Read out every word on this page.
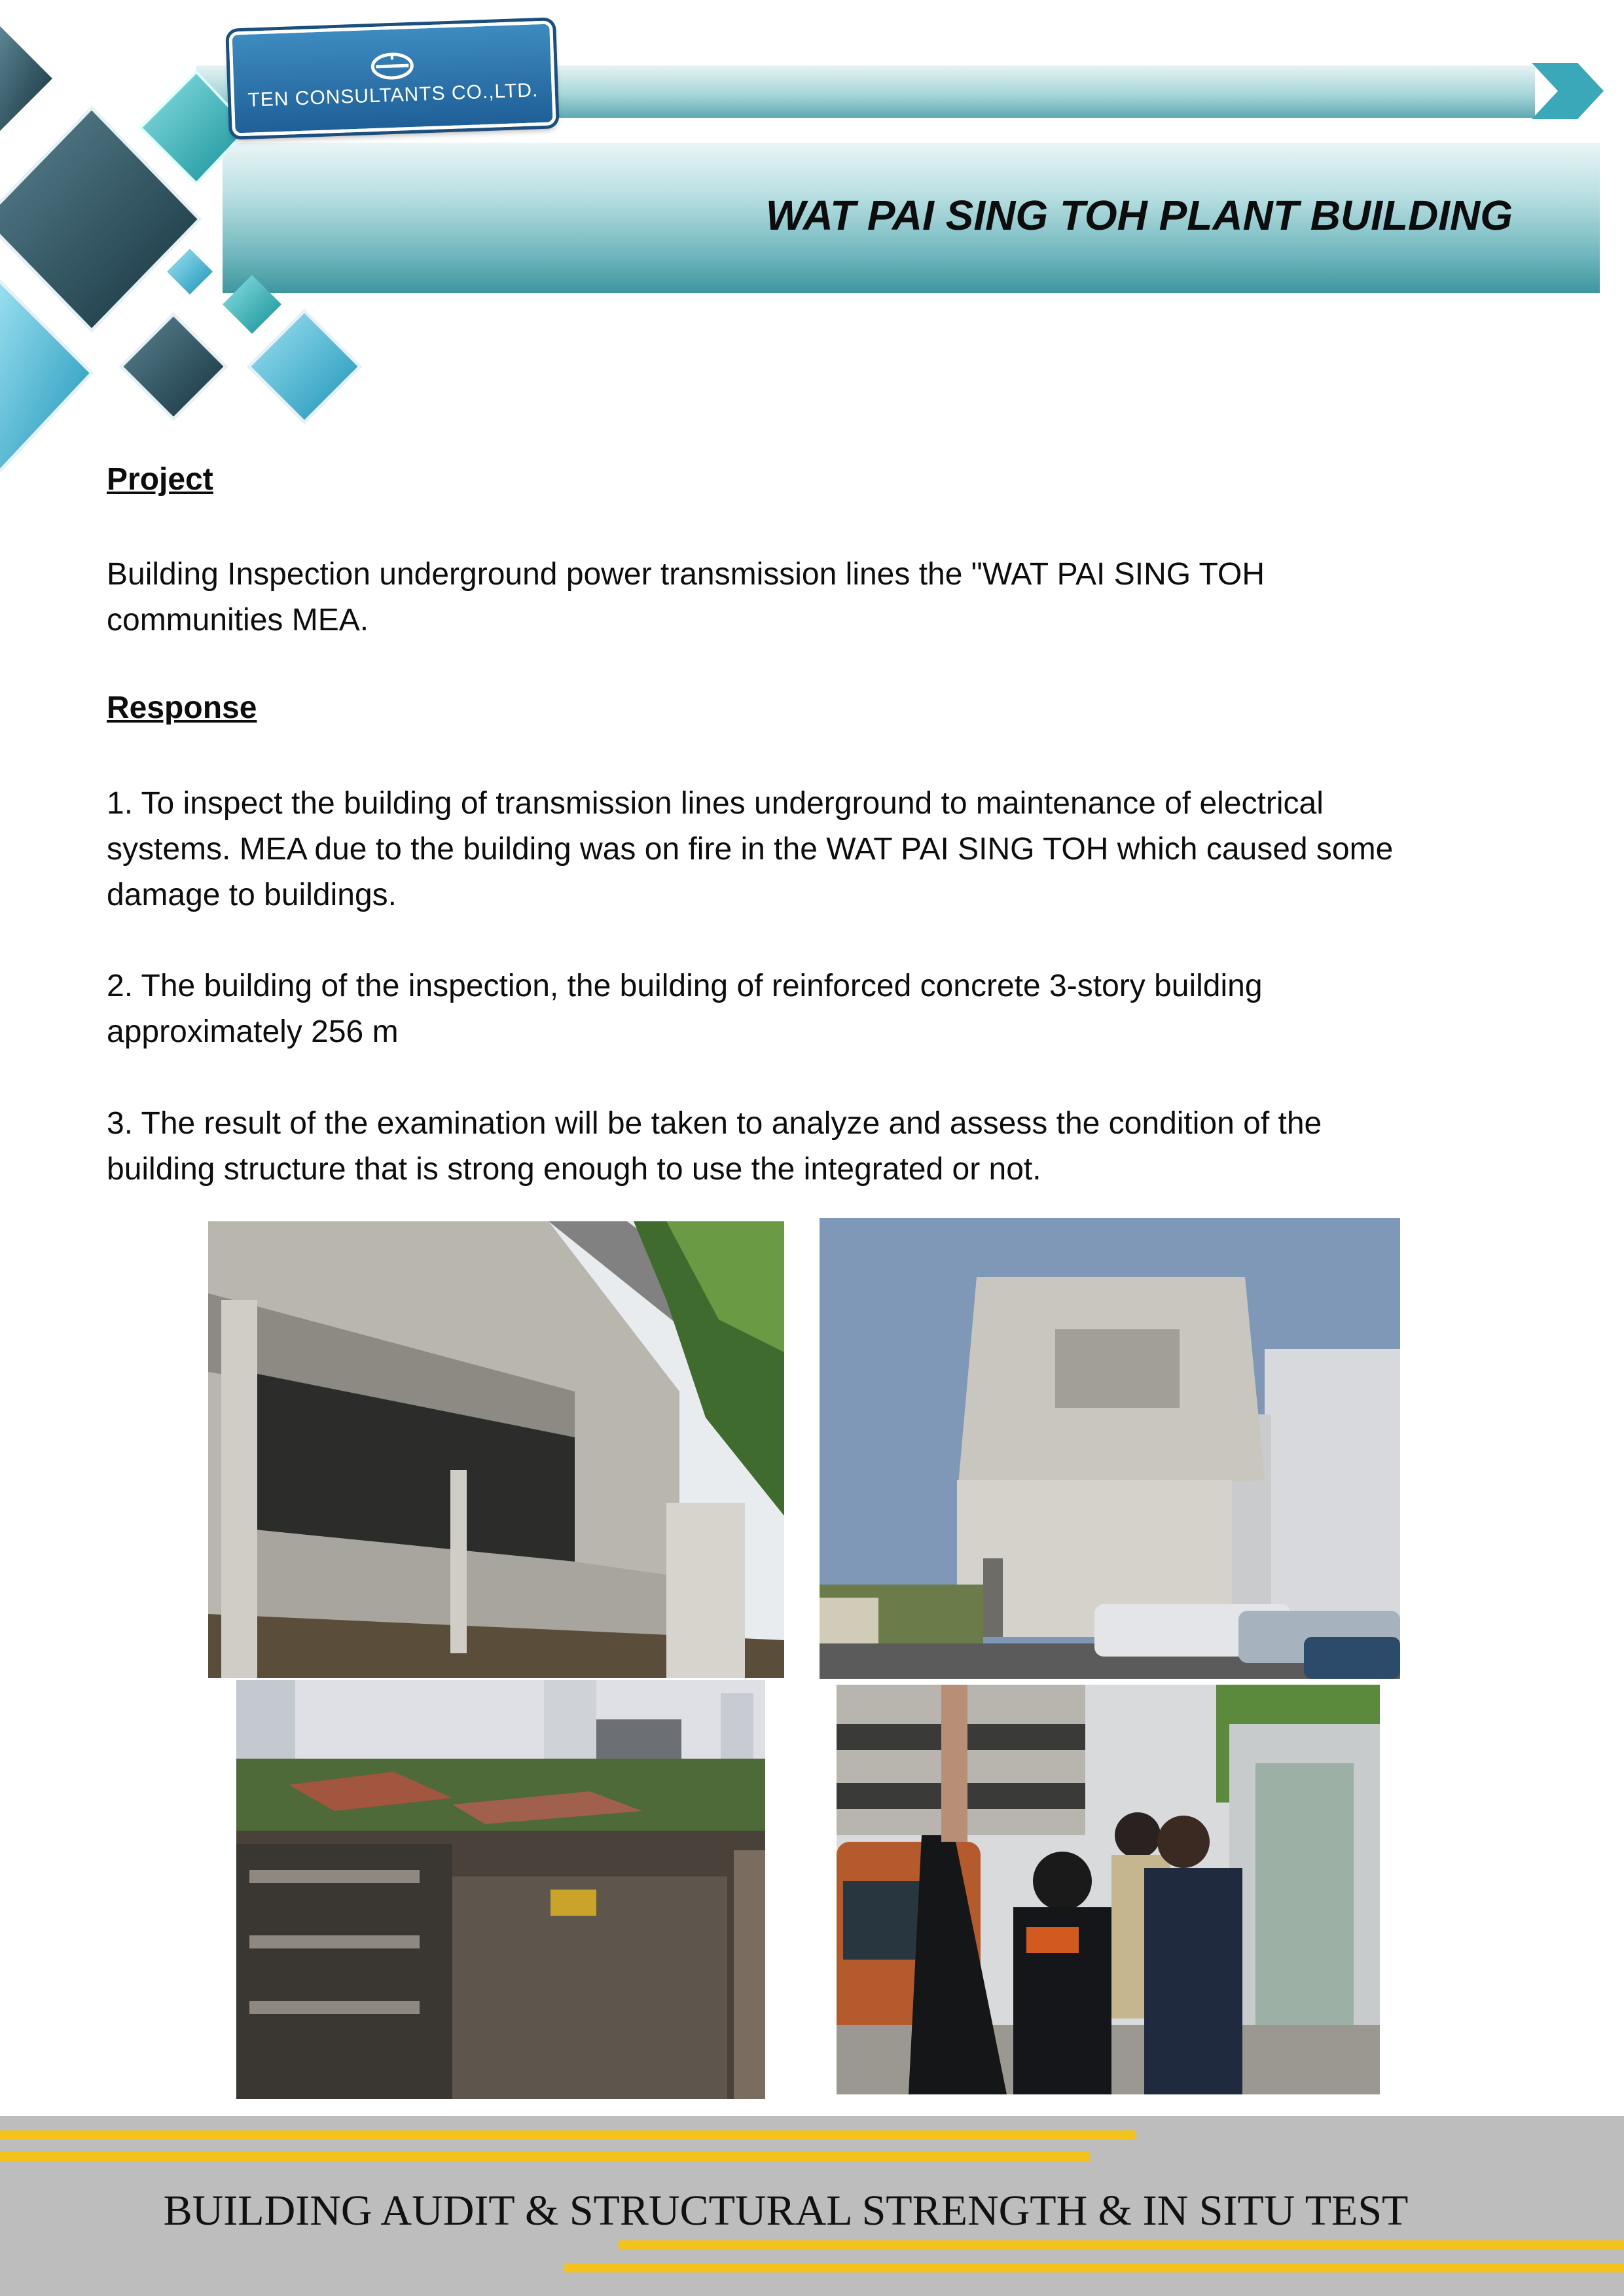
TEN CONSULTANTS CO.,LTD.
WAT PAI SING TOH PLANT BUILDING
Project
Building Inspection underground power transmission lines the "WAT PAI SING TOH
communities MEA.
Response
1. To inspect the building of transmission lines underground to maintenance of electrical
systems. MEA due to the building was on fire in the WAT PAI SING TOH which caused some
damage to buildings.
2. The building of the inspection, the building of reinforced concrete 3-story building
approximately 256 m
3. The result of the examination will be taken to analyze and assess the condition of the
building structure that is strong enough to use the integrated or not.
BUILDING AUDIT & STRUCTURAL STRENGTH & IN SITU TEST
